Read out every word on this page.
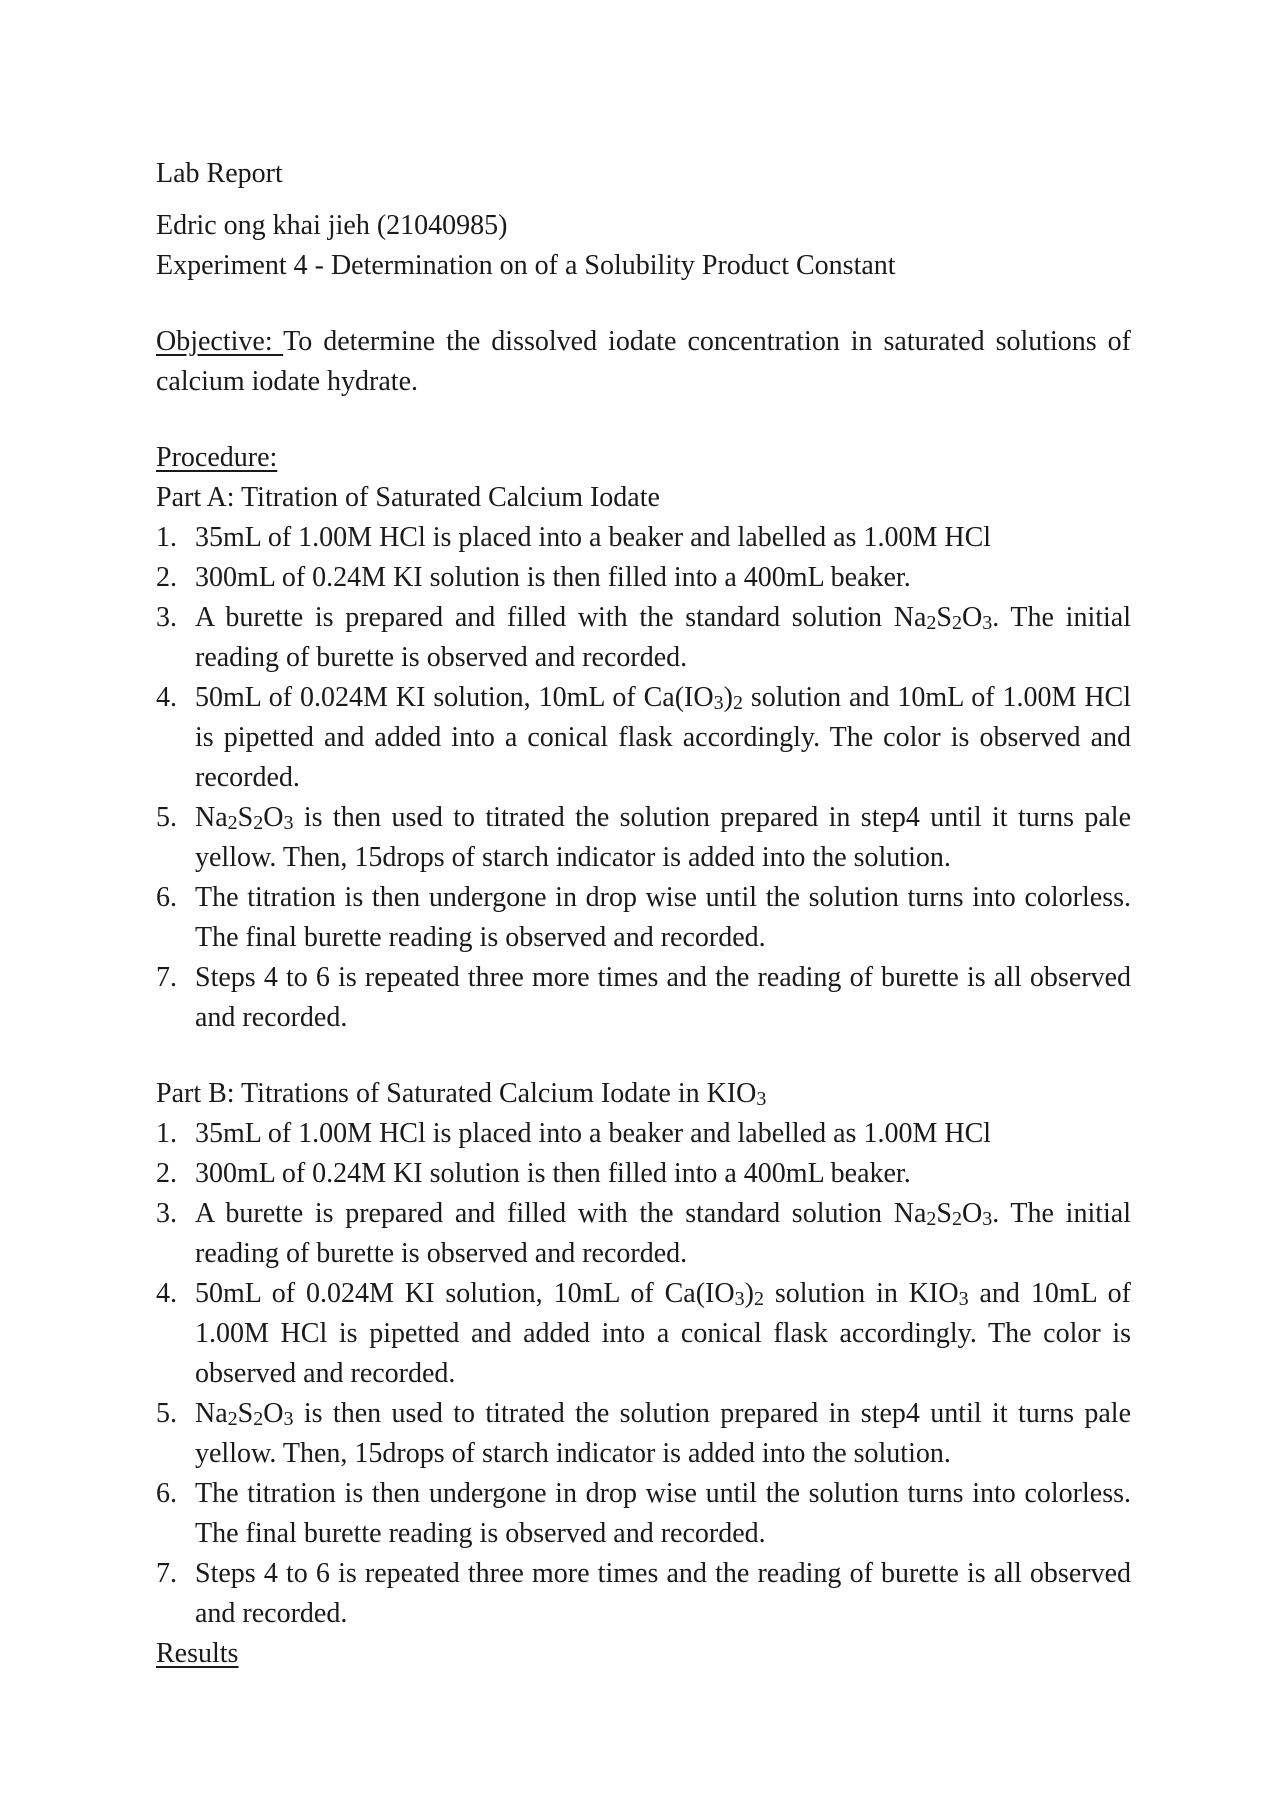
Lab Report

Edric ong khai jieh (21040985)

Experiment 4 - Determination on of a Solubility Product Constant

Objective: To determine the dissolved iodate concentration in saturated solutions of calcium iodate hydrate.

Procedure:

Part A: Titration of Saturated Calcium Iodate

1. 35mL of 1.00M HCl is placed into a beaker and labelled as 1.00M HCl
2. 300mL of 0.24M KI solution is then filled into a 400mL beaker.
3. A burette is prepared and filled with the standard solution $Na_2S_2O_3$. The initial reading of burette is observed and recorded.
4. 50mL of 0.024M KI solution, 10mL of $Ca(IO_3)_2$ solution and 10mL of 1.00M HCl is pipetted and added into a conical flask accordingly. The color is observed and recorded.
5. $Na_2S_2O_3$ is then used to titrated the solution prepared in step4 until it turns pale yellow. Then, 15drops of starch indicator is added into the solution.
6. The titration is then undergone in drop wise until the solution turns into colorless. The final burette reading is observed and recorded.
7. Steps 4 to 6 is repeated three more times and the reading of burette is all observed and recorded.

Part B: Titrations of Saturated Calcium Iodate in $KIO_3$

1. 35mL of 1.00M HCl is placed into a beaker and labelled as 1.00M HCl
2. 300mL of 0.24M KI solution is then filled into a 400mL beaker.
3. A burette is prepared and filled with the standard solution $Na_2S_2O_3$. The initial reading of burette is observed and recorded.
4. 50mL of 0.024M KI solution, 10mL of $Ca(IO_3)_2$ solution in $KIO_3$ and 10mL of 1.00M HCl is pipetted and added into a conical flask accordingly. The color is observed and recorded.
5. $Na_2S_2O_3$ is then used to titrated the solution prepared in step4 until it turns pale yellow. Then, 15drops of starch indicator is added into the solution.
6. The titration is then undergone in drop wise until the solution turns into colorless. The final burette reading is observed and recorded.
7. Steps 4 to 6 is repeated three more times and the reading of burette is all observed and recorded.

Results
